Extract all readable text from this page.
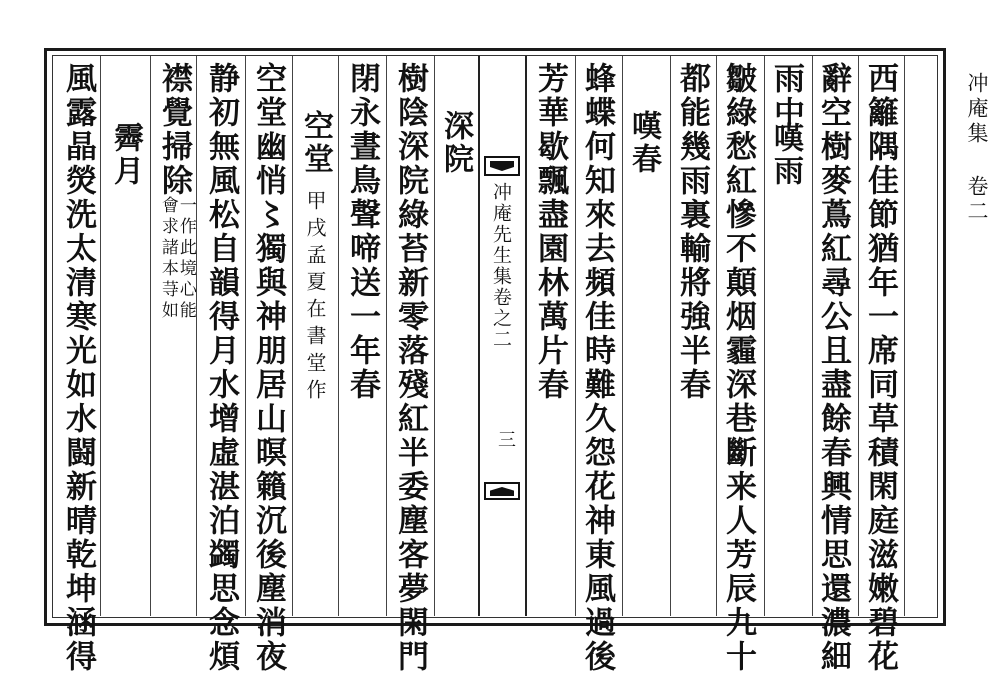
冲庵集 卷二
西籬隅佳節猶年一席同草積閑庭滋嫩碧花
辭空樹麥蔦紅尋公且盡餘春興情思還濃細
雨中
嘆雨
皺綠愁紅慘不顛烟霾深巷斷来人芳辰九十
都能幾雨裏輸將強半春
嘆春
蜂蝶何知來去頻佳時難久怨花神東風過後
芳華歇飄盡園林萬片春
冲庵先生集卷之二
三
深院
樹陰深院綠苔新零落殘紅半委塵客夢閑門
閉永晝鳥聲啼送一年春
空堂
甲戌孟夏在書堂作
空堂幽悄〻獨與神朋居山暝籟沉後塵消夜
静初無風松自韻得月水增虛湛泊蠲思念煩
襟覺掃除
一作此境心能
會求諸本䒭如
霽月
風露晶熒洗太清寒光如水闘新晴乾坤涵得
